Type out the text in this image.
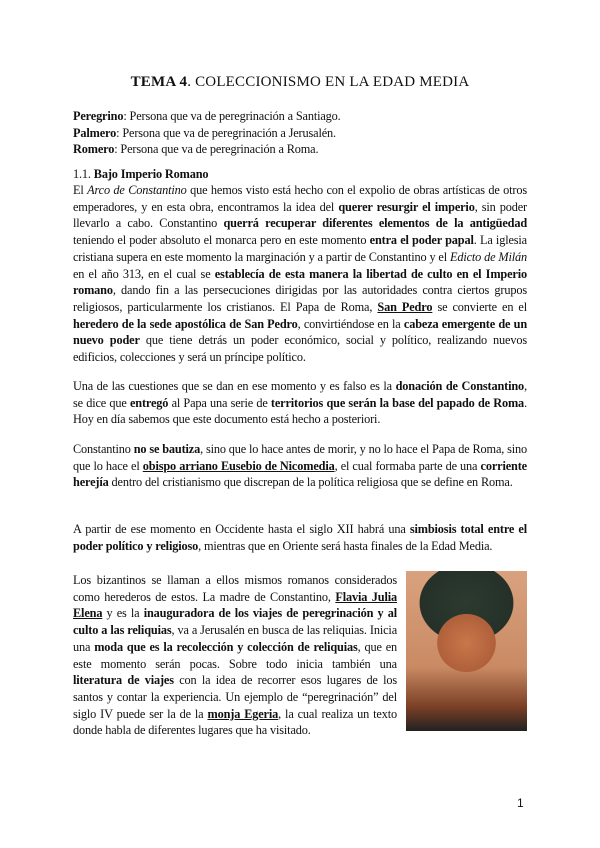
TEMA 4. COLECCIONISMO EN LA EDAD MEDIA
Peregrino: Persona que va de peregrinación a Santiago.
Palmero: Persona que va de peregrinación a Jerusalén.
Romero: Persona que va de peregrinación a Roma.
1.1. Bajo Imperio Romano
El Arco de Constantino que hemos visto está hecho con el expolio de obras artísticas de otros emperadores, y en esta obra, encontramos la idea del querer resurgir el imperio, sin poder llevarlo a cabo. Constantino querrá recuperar diferentes elementos de la antigüedad teniendo el poder absoluto el monarca pero en este momento entra el poder papal. La iglesia cristiana supera en este momento la marginación y a partir de Constantino y el Edicto de Milán en el año 313, en el cual se establecía de esta manera la libertad de culto en el Imperio romano, dando fin a las persecuciones dirigidas por las autoridades contra ciertos grupos religiosos, particularmente los cristianos. El Papa de Roma, San Pedro se convierte en el heredero de la sede apostólica de San Pedro, convirtiéndose en la cabeza emergente de un nuevo poder que tiene detrás un poder económico, social y político, realizando nuevos edificios, colecciones y será un príncipe político.
Una de las cuestiones que se dan en ese momento y es falso es la donación de Constantino, se dice que entregó al Papa una serie de territorios que serán la base del papado de Roma. Hoy en día sabemos que este documento está hecho a posteriori.
Constantino no se bautiza, sino que lo hace antes de morir, y no lo hace el Papa de Roma, sino que lo hace el obispo arriano Eusebio de Nicomedia, el cual formaba parte de una corriente herejía dentro del cristianismo que discrepan de la política religiosa que se define en Roma.
A partir de ese momento en Occidente hasta el siglo XII habrá una simbiosis total entre el poder político y religioso, mientras que en Oriente será hasta finales de la Edad Media.
Los bizantinos se llaman a ellos mismos romanos considerados como herederos de estos. La madre de Constantino, Flavia Julia Elena y es la inauguradora de los viajes de peregrinación y al culto a las reliquias, va a Jerusalén en busca de las reliquias. Inicia una moda que es la recolección y colección de reliquias, que en este momento serán pocas. Sobre todo inicia también una literatura de viajes con la idea de recorrer esos lugares de los santos y contar la experiencia. Un ejemplo de “peregrinación” del siglo IV puede ser la de la monja Egeria, la cual realiza un texto donde habla de diferentes lugares que ha visitado.
1
